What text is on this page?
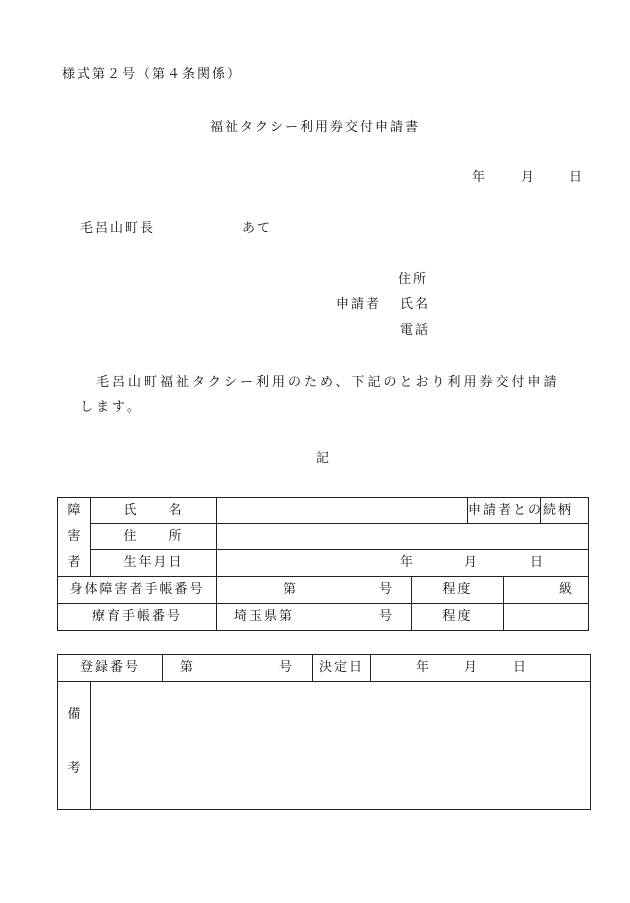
様式第２号（第４条関係）
福祉タクシー利用券交付申請書
年	月	日
毛呂山町長	あて
住所
申請者 氏名
電話
毛呂山町福祉タクシー利用のため、下記のとおり利用券交付申請
します。
記
障
害
者	氏　　名			申請者との続柄		
	住　　所					
	生年月日	年 月 日				

身体障害者手帳番号		第 号	程度		級	

療育手帳番号		埼玉県第 号	程度			
登録番号		第 号	決定日	年 月 日

備
考				
